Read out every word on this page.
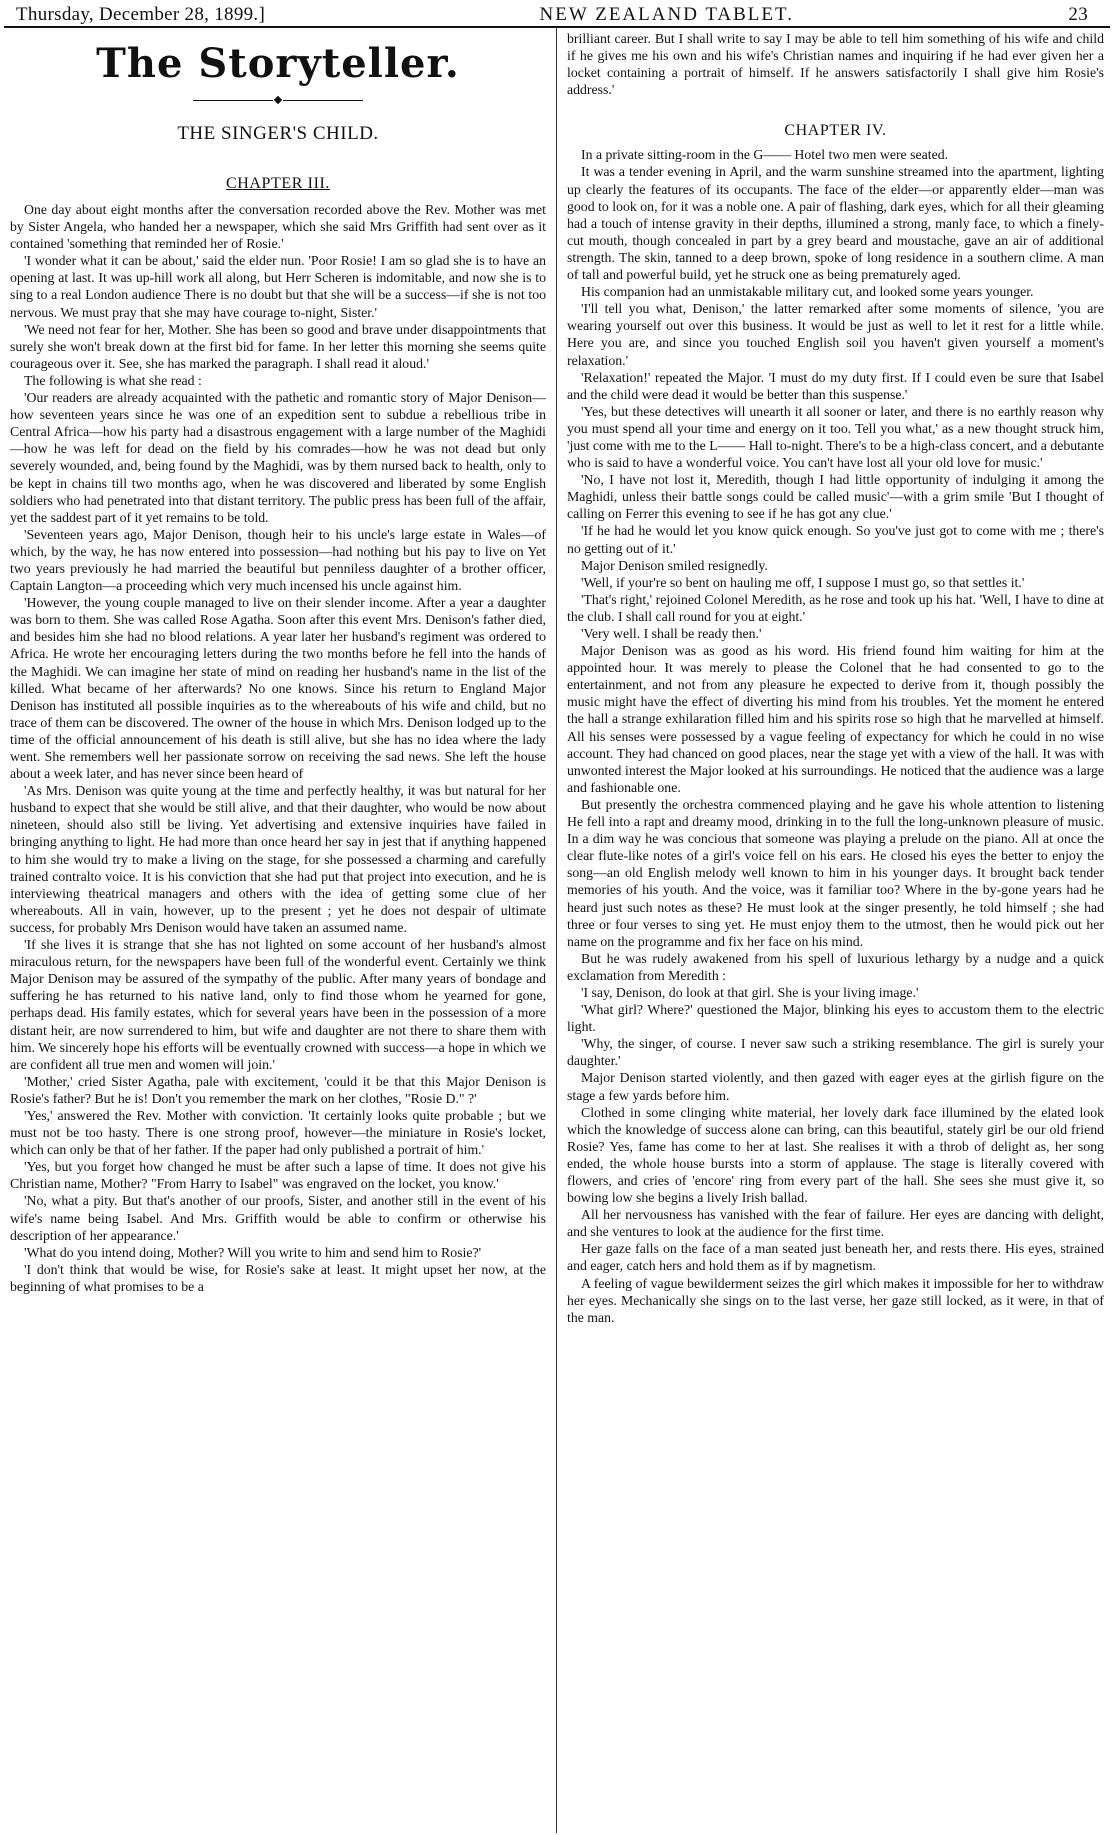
Thursday, December 28, 1899.]	NEW ZEALAND TABLET.	23
The Storyteller.
THE SINGER'S CHILD.
CHAPTER III.

One day about eight months after the conversation recorded above the Rev. Mother was met by Sister Angela, who handed her a newspaper, which she said Mrs Griffith had sent over as it contained 'something that reminded her of Rosie.'

'I wonder what it can be about,' said the elder nun. 'Poor Rosie! I am so glad she is to have an opening at last. It was up-hill work all along, but Herr Scheren is indomitable, and now she is to sing to a real London audience There is no doubt but that she will be a success—if she is not too nervous. We must pray that she may have courage to-night, Sister.'

'We need not fear for her, Mother. She has been so good and brave under disappointments that surely she won't break down at the first bid for fame. In her letter this morning she seems quite courageous over it. See, she has marked the paragraph. I shall read it aloud.'

The following is what she read :

'Our readers are already acquainted with the pathetic and romantic story of Major Denison—how seventeen years since he was one of an expedition sent to subdue a rebellious tribe in Central Africa—how his party had a disastrous engagement with a large number of the Maghidi—how he was left for dead on the field by his comrades—how he was not dead but only severely wounded, and, being found by the Maghidi, was by them nursed back to health, only to be kept in chains till two months ago, when he was discovered and liberated by some English soldiers who had penetrated into that distant territory. The public press has been full of the affair, yet the saddest part of it yet remains to be told.

'Seventeen years ago, Major Denison, though heir to his uncle's large estate in Wales—of which, by the way, he has now entered into possession—had nothing but his pay to live on Yet two years previously he had married the beautiful but penniless daughter of a brother officer, Captain Langton—a proceeding which very much incensed his uncle against him.

'However, the young couple managed to live on their slender income. After a year a daughter was born to them. She was called Rose Agatha. Soon after this event Mrs. Denison's father died, and besides him she had no blood relations. A year later her husband's regiment was ordered to Africa. He wrote her encouraging letters during the two months before he fell into the hands of the Maghidi. We can imagine her state of mind on reading her husband's name in the list of the killed. What became of her afterwards? No one knows. Since his return to England Major Denison has instituted all possible inquiries as to the whereabouts of his wife and child, but no trace of them can be discovered. The owner of the house in which Mrs. Denison lodged up to the time of the official announcement of his death is still alive, but she has no idea where the lady went. She remembers well her passionate sorrow on receiving the sad news. She left the house about a week later, and has never since been heard of

'As Mrs. Denison was quite young at the time and perfectly healthy, it was but natural for her husband to expect that she would be still alive, and that their daughter, who would be now about nineteen, should also still be living. Yet advertising and extensive inquiries have failed in bringing anything to light. He had more than once heard her say in jest that if anything happened to him she would try to make a living on the stage, for she possessed a charming and carefully trained contralto voice. It is his conviction that she had put that project into execution, and he is interviewing theatrical managers and others with the idea of getting some clue of her whereabouts. All in vain, however, up to the present ; yet he does not despair of ultimate success, for probably Mrs Denison would have taken an assumed name.

'If she lives it is strange that she has not lighted on some account of her husband's almost miraculous return, for the newspapers have been full of the wonderful event. Certainly we think Major Denison may be assured of the sympathy of the public. After many years of bondage and suffering he has returned to his native land, only to find those whom he yearned for gone, perhaps dead. His family estates, which for several years have been in the possession of a more distant heir, are now surrendered to him, but wife and daughter are not there to share them with him. We sincerely hope his efforts will be eventually crowned with success—a hope in which we are confident all true men and women will join.'

'Mother,' cried Sister Agatha, pale with excitement, 'could it be that this Major Denison is Rosie's father? But he is! Don't you remember the mark on her clothes, "Rosie D." ?'

'Yes,' answered the Rev. Mother with conviction. 'It certainly looks quite probable ; but we must not be too hasty. There is one strong proof, however—the miniature in Rosie's locket, which can only be that of her father. If the paper had only published a portrait of him.'

'Yes, but you forget how changed he must be after such a lapse of time. It does not give his Christian name, Mother? "From Harry to Isabel" was engraved on the locket, you know.'

'No, what a pity. But that's another of our proofs, Sister, and another still in the event of his wife's name being Isabel. And Mrs. Griffith would be able to confirm or otherwise his description of her appearance.'

'What do you intend doing, Mother? Will you write to him and send him to Rosie?'

'I don't think that would be wise, for Rosie's sake at least. It might upset her now, at the beginning of what promises to be a

brilliant career. But I shall write to say I may be able to tell him something of his wife and child if he gives me his own and his wife's Christian names and inquiring if he had ever given her a locket containing a portrait of himself. If he answers satisfactorily I shall give him Rosie's address.'

CHAPTER IV.

In a private sitting-room in the G—— Hotel two men were seated.

It was a tender evening in April, and the warm sunshine streamed into the apartment, lighting up clearly the features of its occupants. The face of the elder—or apparently elder—man was good to look on, for it was a noble one. A pair of flashing, dark eyes, which for all their gleaming had a touch of intense gravity in their depths, illumined a strong, manly face, to which a finely-cut mouth, though concealed in part by a grey beard and moustache, gave an air of additional strength. The skin, tanned to a deep brown, spoke of long residence in a southern clime. A man of tall and powerful build, yet he struck one as being prematurely aged.

His companion had an unmistakable military cut, and looked some years younger.

'I'll tell you what, Denison,' the latter remarked after some moments of silence, 'you are wearing yourself out over this business. It would be just as well to let it rest for a little while. Here you are, and since you touched English soil you haven't given yourself a moment's relaxation.'

'Relaxation!' repeated the Major. 'I must do my duty first. If I could even be sure that Isabel and the child were dead it would be better than this suspense.'

'Yes, but these detectives will unearth it all sooner or later, and there is no earthly reason why you must spend all your time and energy on it too. Tell you what,' as a new thought struck him, 'just come with me to the L—— Hall to-night. There's to be a high-class concert, and a debutante who is said to have a wonderful voice. You can't have lost all your old love for music.'

'No, I have not lost it, Meredith, though I had little opportunity of indulging it among the Maghidi, unless their battle songs could be called music'—with a grim smile 'But I thought of calling on Ferrer this evening to see if he has got any clue.'

'If he had he would let you know quick enough. So you've just got to come with me ; there's no getting out of it.'

Major Denison smiled resignedly.

'Well, if your're so bent on hauling me off, I suppose I must go, so that settles it.'

'That's right,' rejoined Colonel Meredith, as he rose and took up his hat. 'Well, I have to dine at the club. I shall call round for you at eight.'

'Very well. I shall be ready then.'

Major Denison was as good as his word. His friend found him waiting for him at the appointed hour. It was merely to please the Colonel that he had consented to go to the entertainment, and not from any pleasure he expected to derive from it, though possibly the music might have the effect of diverting his mind from his troubles. Yet the moment he entered the hall a strange exhilaration filled him and his spirits rose so high that he marvelled at himself. All his senses were possessed by a vague feeling of expectancy for which he could in no wise account. They had chanced on good places, near the stage yet with a view of the hall. It was with unwonted interest the Major looked at his surroundings. He noticed that the audience was a large and fashionable one.

But presently the orchestra commenced playing and he gave his whole attention to listening He fell into a rapt and dreamy mood, drinking in to the full the long-unknown pleasure of music. In a dim way he was concious that someone was playing a prelude on the piano. All at once the clear flute-like notes of a girl's voice fell on his ears. He closed his eyes the better to enjoy the song—an old English melody well known to him in his younger days. It brought back tender memories of his youth. And the voice, was it familiar too? Where in the by-gone years had he heard just such notes as these? He must look at the singer presently, he told himself ; she had three or four verses to sing yet. He must enjoy them to the utmost, then he would pick out her name on the programme and fix her face on his mind.

But he was rudely awakened from his spell of luxurious lethargy by a nudge and a quick exclamation from Meredith :

'I say, Denison, do look at that girl. She is your living image.'

'What girl? Where?' questioned the Major, blinking his eyes to accustom them to the electric light.

'Why, the singer, of course. I never saw such a striking resemblance. The girl is surely your daughter.'

Major Denison started violently, and then gazed with eager eyes at the girlish figure on the stage a few yards before him.

Clothed in some clinging white material, her lovely dark face illumined by the elated look which the knowledge of success alone can bring, can this beautiful, stately girl be our old friend Rosie? Yes, fame has come to her at last. She realises it with a throb of delight as, her song ended, the whole house bursts into a storm of applause. The stage is literally covered with flowers, and cries of 'encore' ring from every part of the hall. She sees she must give it, so bowing low she begins a lively Irish ballad.

All her nervousness has vanished with the fear of failure. Her eyes are dancing with delight, and she ventures to look at the audience for the first time.

Her gaze falls on the face of a man seated just beneath her, and rests there. His eyes, strained and eager, catch hers and hold them as if by magnetism.

A feeling of vague bewilderment seizes the girl which makes it impossible for her to withdraw her eyes. Mechanically she sings on to the last verse, her gaze still locked, as it were, in that of the man.
